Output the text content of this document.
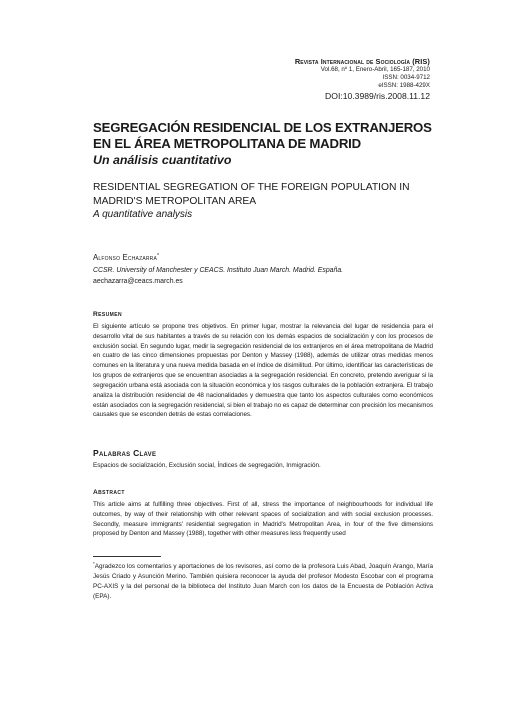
Revista Internacional de Sociología (RIS)
Vol.68, nº 1, Enero-Abril, 165-187, 2010
ISSN: 0034-9712
eISSN: 1988-429X
DOI:10.3989/ris.2008.11.12
SEGREGACIÓN RESIDENCIAL DE LOS EXTRANJEROS EN EL ÁREA METROPOLITANA DE MADRID
Un análisis cuantitativo
RESIDENTIAL SEGREGATION OF THE FOREIGN POPULATION IN MADRID'S METROPOLITAN AREA
A quantitative analysis
Alfonso Echazarra*
CCSR. University of Manchester y CEACS. Instituto Juan March. Madrid. España.
aechazarra@ceacs.march.es
Resumen

El siguiente artículo se propone tres objetivos. En primer lugar, mostrar la relevancia del lugar de residencia para el desarrollo vital de sus habitantes a través de su relación con los demás espacios de socialización y con los procesos de exclusión social. En segundo lugar, medir la segregación residencial de los extranjeros en el área metropolitana de Madrid en cuatro de las cinco dimensiones propuestas por Denton y Massey (1988), además de utilizar otras medidas menos comunes en la literatura y una nueva medida basada en el índice de disimilitud. Por último, identificar las características de los grupos de extranjeros que se encuentran asociadas a la segregación residencial. En concreto, pretendo averiguar si la segregación urbana está asociada con la situación económica y los rasgos culturales de la población extranjera. El trabajo analiza la distribución residencial de 48 nacionalidades y demuestra que tanto los aspectos culturales como económicos están asociados con la segregación residencial, si bien el trabajo no es capaz de determinar con precisión los mecanismos causales que se esconden detrás de estas correlaciones.

Palabras Clave

Espacios de socialización, Exclusión social, Índices de segregación, Inmigración.

Abstract

This article aims at fulfilling three objectives. First of all, stress the importance of neighbourhoods for individual life outcomes, by way of their relationship with other relevant spaces of socialization and with social exclusion processes. Secondly, measure immigrants' residential segregation in Madrid's Metropolitan Area, in four of the five dimensions proposed by Denton and Massey (1988), together with other measures less frequently used

*Agradezco los comentarios y aportaciones de los revisores, así como de la profesora Luis Abad, Joaquín Arango, María Jesús Criado y Asunción Merino. También quisiera reconocer la ayuda del profesor Modesto Escobar con el programa PC-AXIS y la del personal de la biblioteca del Instituto Juan March con los datos de la Encuesta de Población Activa (EPA).
